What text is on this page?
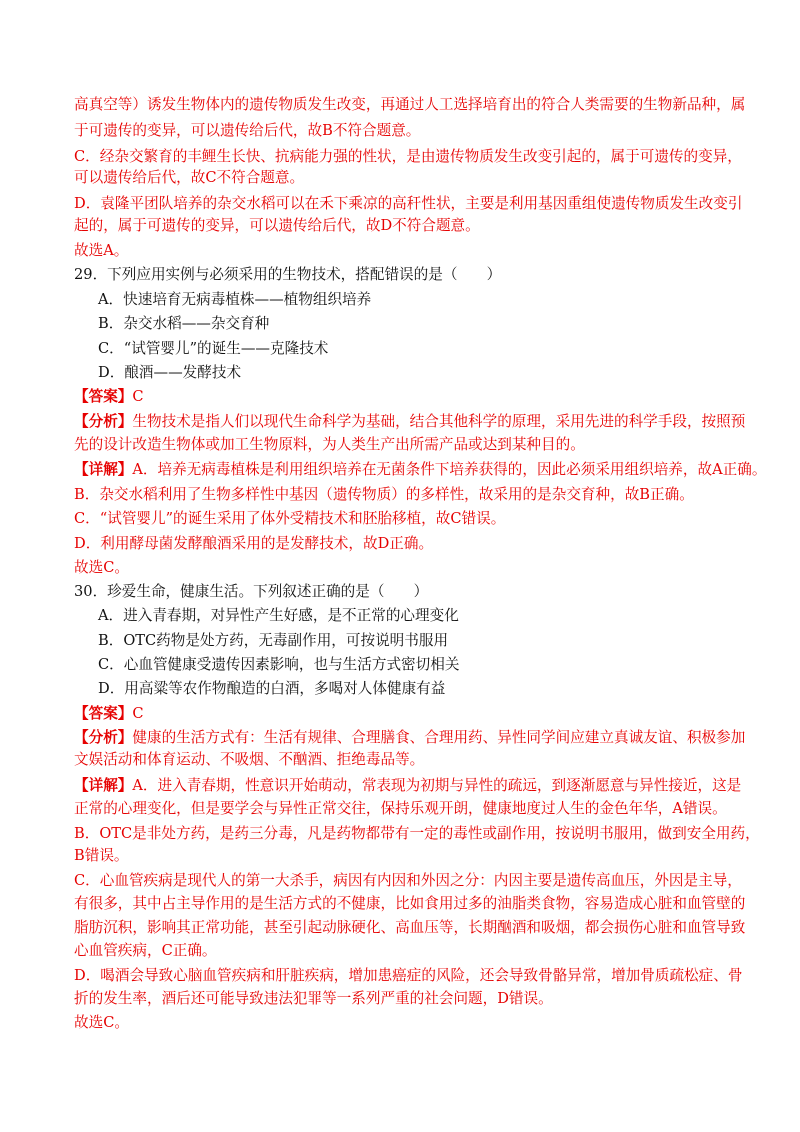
高真空等）诱发生物体内的遗传物质发生改变，再通过人工选择培育出的符合人类需要的生物新品种，属
于可遗传的变异，可以遗传给后代，故B不符合题意。
C．经杂交繁育的丰鲤生长快、抗病能力强的性状，是由遗传物质发生改变引起的，属于可遗传的变异，
可以遗传给后代，故C不符合题意。
D．袁隆平团队培养的杂交水稻可以在禾下乘凉的高秆性状，主要是利用基因重组使遗传物质发生改变引
起的，属于可遗传的变异，可以遗传给后代，故D不符合题意。
故选A。
29．下列应用实例与必须采用的生物技术，搭配错误的是（　　）
A．快速培育无病毒植株——植物组织培养
B．杂交水稻——杂交育种
C．“试管婴儿”的诞生——克隆技术
D．酿酒——发酵技术
【答案】C
【分析】生物技术是指人们以现代生命科学为基础，结合其他科学的原理，采用先进的科学手段，按照预
先的设计改造生物体或加工生物原料，为人类生产出所需产品或达到某种目的。
【详解】A．培养无病毒植株是利用组织培养在无菌条件下培养获得的，因此必须采用组织培养，故A正确。
B．杂交水稻利用了生物多样性中基因（遗传物质）的多样性，故采用的是杂交育种，故B正确。
C．“试管婴儿”的诞生采用了体外受精技术和胚胎移植，故C错误。
D．利用酵母菌发酵酿酒采用的是发酵技术，故D正确。
故选C。
30．珍爱生命，健康生活。下列叙述正确的是（　　）
A．进入青春期，对异性产生好感，是不正常的心理变化
B．OTC药物是处方药，无毒副作用，可按说明书服用
C．心血管健康受遗传因素影响，也与生活方式密切相关
D．用高粱等农作物酿造的白酒，多喝对人体健康有益
【答案】C
【分析】健康的生活方式有：生活有规律、合理膳食、合理用药、异性同学间应建立真诚友谊、积极参加
文娱活动和体育运动、不吸烟、不酗酒、拒绝毒品等。
【详解】A．进入青春期，性意识开始萌动，常表现为初期与异性的疏远，到逐渐愿意与异性接近，这是
正常的心理变化，但是要学会与异性正常交往，保持乐观开朗，健康地度过人生的金色年华，A错误。
B．OTC是非处方药，是药三分毒，凡是药物都带有一定的毒性或副作用，按说明书服用，做到安全用药，
B错误。
C．心血管疾病是现代人的第一大杀手，病因有内因和外因之分：内因主要是遗传高血压，外因是主导，
有很多，其中占主导作用的是生活方式的不健康，比如食用过多的油脂类食物，容易造成心脏和血管壁的
脂肪沉积，影响其正常功能，甚至引起动脉硬化、高血压等，长期酗酒和吸烟，都会损伤心脏和血管导致
心血管疾病，C正确。
D．喝酒会导致心脑血管疾病和肝脏疾病，增加患癌症的风险，还会导致骨骼异常，增加骨质疏松症、骨
折的发生率，酒后还可能导致违法犯罪等一系列严重的社会问题，D错误。
故选C。
